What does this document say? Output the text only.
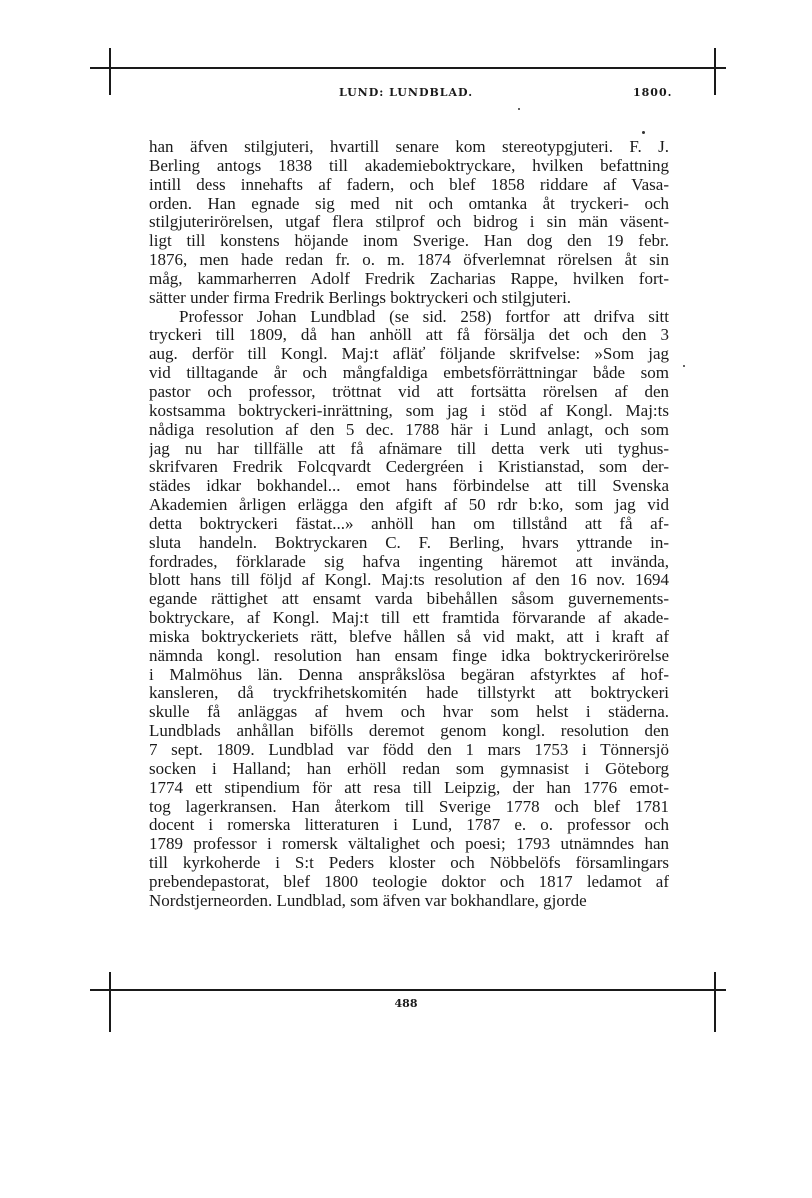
LUND: LUNDBLAD.	1800.
han äfven stilgjuteri, hvartill senare kom stereotypgjuteri. F. J.
Berling antogs 1838 till akademieboktryckare, hvilken befattning
intill dess innehafts af fadern, och blef 1858 riddare af Vasa-
orden. Han egnade sig med nit och omtanka åt tryckeri- och
stilgjuterirörelsen, utgaf flera stilprof och bidrog i sin män väsent-
ligt till konstens höjande inom Sverige. Han dog den 19 febr.
1876, men hade redan fr. o. m. 1874 öfverlemnat rörelsen åt sin
måg, kammarherren Adolf Fredrik Zacharias Rappe, hvilken fort-
sätter under firma Fredrik Berlings boktryckeri och stilgjuteri.
Professor Johan Lundblad (se sid. 258) fortfor att drifva sitt
tryckeri till 1809, då han anhöll att få försälja det och den 3
aug. derför till Kongl. Maj:t afläť följande skrifvelse: »Som jag
vid tilltagande år och mångfaldiga embetsförrättningar både som
pastor och professor, tröttnat vid att fortsätta rörelsen af den
kostsamma boktryckeri-inrättning, som jag i stöd af Kongl. Maj:ts
nådiga resolution af den 5 dec. 1788 här i Lund anlagt, och som
jag nu har tillfälle att få afnämare till detta verk uti tyghus-
skrifvaren Fredrik Folcqvardt Cedergréen i Kristianstad, som der-
städes idkar bokhandel... emot hans förbindelse att till Svenska
Akademien årligen erlägga den afgift af 50 rdr b:ko, som jag vid
detta boktryckeri fästat...» anhöll han om tillstånd att få af-
sluta handeln. Boktryckaren C. F. Berling, hvars yttrande in-
fordrades, förklarade sig hafva ingenting häremot att invända,
blott hans till följd af Kongl. Maj:ts resolution af den 16 nov. 1694
egande rättighet att ensamt varda bibehållen såsom guvernements-
boktryckare, af Kongl. Maj:t till ett framtida förvarande af akade-
miska boktryckeriets rätt, blefve hållen så vid makt, att i kraft af
nämnda kongl. resolution han ensam finge idka boktryckerirörelse
i Malmöhus län. Denna anspråkslösa begäran afstyrktes af hof-
kansleren, då tryckfrihetskomitén hade tillstyrkt att boktryckeri
skulle få anläggas af hvem och hvar som helst i städerna.
Lundblads anhållan bifölls deremot genom kongl. resolution den
7 sept. 1809. Lundblad var född den 1 mars 1753 i Tönnersjö
socken i Halland; han erhöll redan som gymnasist i Göteborg
1774 ett stipendium för att resa till Leipzig, der han 1776 emot-
tog lagerkransen. Han återkom till Sverige 1778 och blef 1781
docent i romerska litteraturen i Lund, 1787 e. o. professor och
1789 professor i romersk vältalighet och poesi; 1793 utnämndes han
till kyrkoherde i S:t Peders kloster och Nöbbelöfs församlingars
prebendepastorat, blef 1800 teologie doktor och 1817 ledamot af
Nordstjerneorden. Lundblad, som äfven var bokhandlare, gjorde
488
